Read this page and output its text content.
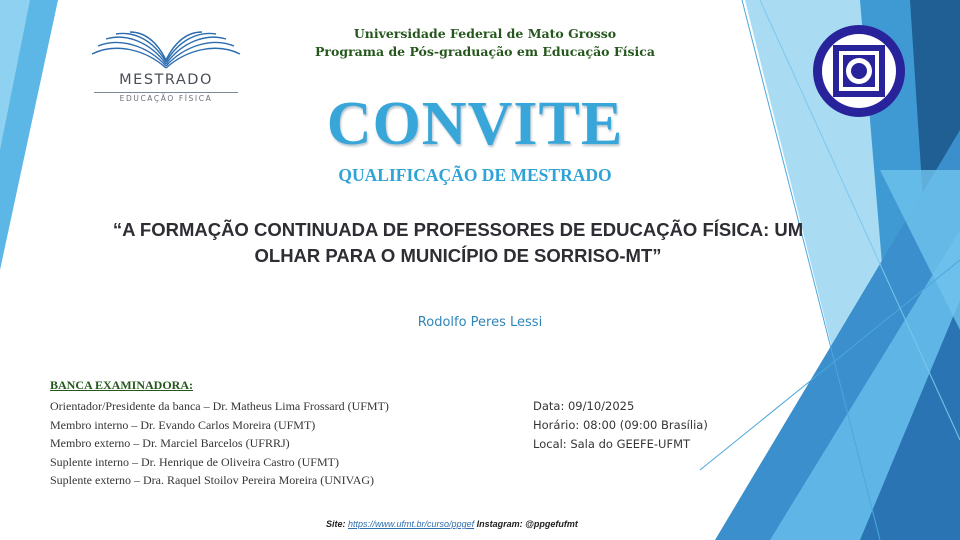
MESTRADO
EDUCAÇÃO FÍSICA
Universidade Federal de Mato Grosso
Programa de Pós-graduação em Educação Física
CONVITE
QUALIFICAÇÃO DE MESTRADO
“A FORMAÇÃO CONTINUADA DE PROFESSORES DE EDUCAÇÃO FÍSICA: UM
OLHAR PARA O MUNICÍPIO DE SORRISO-MT”
Rodolfo Peres Lessi
BANCA EXAMINADORA:
Orientador/Presidente da banca – Dr. Matheus Lima Frossard (UFMT)
Membro interno – Dr. Evando Carlos Moreira (UFMT)
Membro externo – Dr. Marciel Barcelos (UFRRJ)
Suplente interno – Dr. Henrique de Oliveira Castro (UFMT)
Suplente externo – Dra. Raquel Stoilov Pereira Moreira (UNIVAG)
Data: 09/10/2025
Horário: 08:00 (09:00 Brasília)
Local: Sala do GEEFE-UFMT
Site: https://www.ufmt.br/curso/ppgef Instagram: @ppgefufmt
